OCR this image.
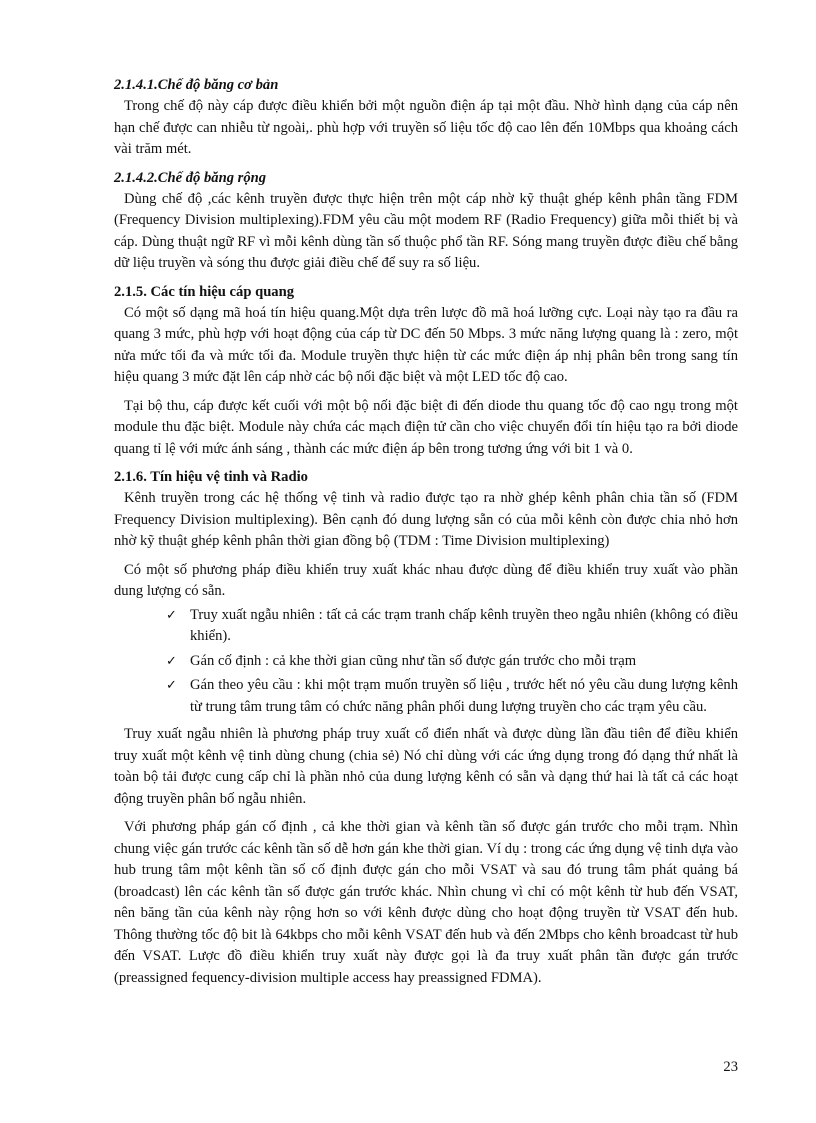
2.1.4.1.Chế độ băng cơ bản

Trong chế độ này cáp được điều khiển bởi một nguồn điện áp tại một đầu. Nhờ hình dạng của cáp nên hạn chế được can nhiễu từ ngoài,. phù hợp với truyền số liệu tốc độ cao lên đến 10Mbps qua khoảng cách vài trăm mét.

2.1.4.2.Chế độ băng rộng

Dùng chế độ ,các kênh truyền được thực hiện trên một cáp nhờ kỹ thuật ghép kênh phân tầng FDM (Frequency Division multiplexing).FDM yêu cầu một modem RF (Radio Frequency) giữa mỗi thiết bị và cáp. Dùng thuật ngữ RF vì mỗi kênh dùng tần số thuộc phổ tần RF. Sóng mang truyền được điều chế bằng dữ liệu truyền và sóng thu được giải điều chế để suy ra số liệu.

2.1.5. Các tín hiệu cáp quang

Có một số dạng mã hoá tín hiệu quang.Một dựa trên lược đồ mã hoá lưỡng cực. Loại này tạo ra đầu ra quang 3 mức, phù hợp với hoạt động của cáp từ DC đến 50 Mbps. 3 mức năng lượng quang là : zero, một nửa mức tối đa và mức tối đa. Module truyền thực hiện từ các mức điện áp nhị phân bên trong sang tín hiệu quang 3 mức đặt lên cáp nhờ các bộ nối đặc biệt và một LED tốc độ cao.

Tại bộ thu, cáp được kết cuối với một bộ nối đặc biệt đi đến diode thu quang tốc độ cao ngụ trong một module thu đặc biệt. Module này chứa các mạch điện tử cần cho việc chuyển đổi tín hiệu tạo ra bởi diode quang tỉ lệ với mức ánh sáng , thành các mức điện áp bên trong tương ứng với bit 1 và 0.

2.1.6. Tín hiệu vệ tinh và Radio

Kênh truyền trong các hệ thống vệ tinh và radio được tạo ra nhờ ghép kênh phân chia tần số (FDM Frequency Division multiplexing). Bên cạnh đó dung lượng sẵn có của mỗi kênh còn được chia nhỏ hơn nhờ kỹ thuật ghép kênh phân thời gian đồng bộ (TDM : Time Division multiplexing)

Có một số phương pháp điều khiển truy xuất khác nhau được dùng để điều khiển truy xuất vào phần dung lượng có sẵn.

✓ Truy xuất ngẫu nhiên : tất cả các trạm tranh chấp kênh truyền theo ngẫu nhiên (không có điều khiển).
✓ Gán cố định : cả khe thời gian cũng như tần số được gán trước cho mỗi trạm
✓ Gán theo yêu cầu : khi một trạm muốn truyền số liệu , trước hết nó yêu cầu dung lượng kênh từ trung tâm trung tâm có chức năng phân phối dung lượng truyền cho các trạm yêu cầu.

Truy xuất ngẫu nhiên là phương pháp truy xuất cổ điển nhất và được dùng lần đầu tiên để điều khiển truy xuất một kênh vệ tinh dùng chung (chia sẻ) Nó chỉ dùng với các ứng dụng trong đó dạng thứ nhất là toàn bộ tải được cung cấp chỉ là phần nhỏ của dung lượng kênh có sẵn và dạng thứ hai là tất cả các hoạt động truyền phân bố ngẫu nhiên.

Với phương pháp gán cố định , cả khe thời gian và kênh tần số được gán trước cho mỗi trạm. Nhìn chung việc gán trước các kênh tần số dễ hơn gán khe thời gian. Ví dụ : trong các ứng dụng vệ tinh dựa vào hub trung tâm một kênh tần số cố định được gán cho mỗi VSAT và sau đó trung tâm phát quảng bá (broadcast) lên các kênh tần số được gán trước khác. Nhìn chung vì chỉ có một kênh từ hub đến VSAT, nên băng tần của kênh này rộng hơn so với kênh được dùng cho hoạt động truyền từ VSAT đến hub. Thông thường tốc độ bit là 64kbps cho mỗi kênh VSAT đến hub và đến 2Mbps cho kênh broadcast từ hub đến VSAT. Lược đồ điều khiển truy xuất này được gọi là đa truy xuất phân tần được gán trước (preassigned fequency-division multiple access hay preassigned FDMA).

23
